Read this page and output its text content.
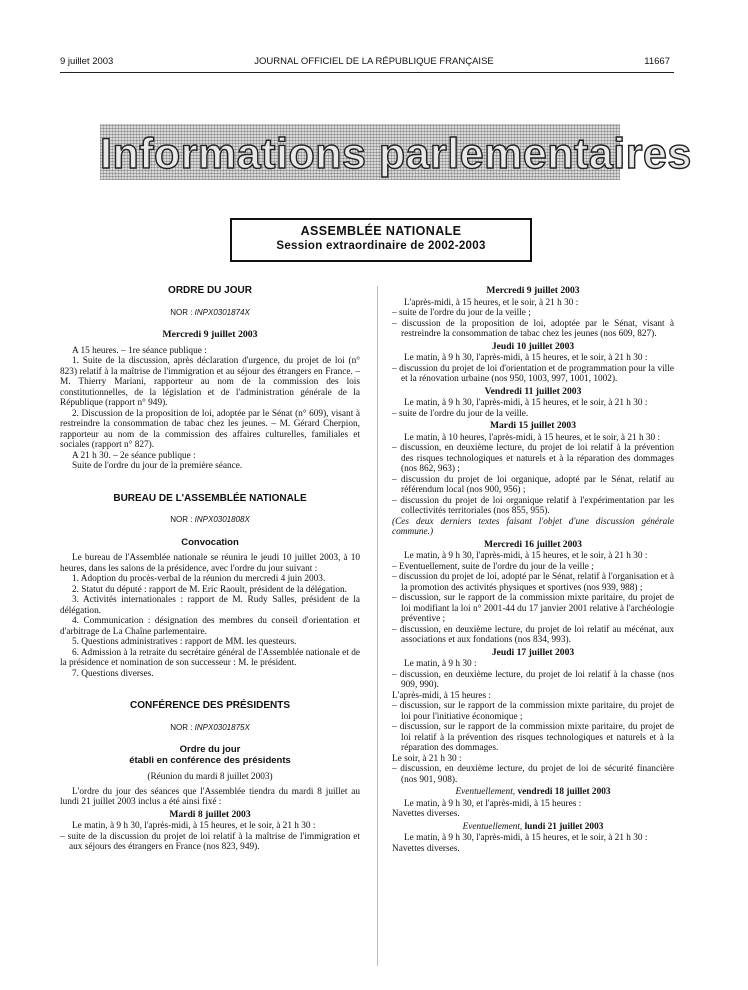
9 juillet 2003	JOURNAL OFFICIEL DE LA RÉPUBLIQUE FRANÇAISE	11667
Informations parlementaires
ASSEMBLÉE NATIONALE
Session extraordinaire de 2002-2003
ORDRE DU JOUR
NOR : INPX0301874X
Mercredi 9 juillet 2003

A 15 heures. – 1re séance publique :

1. Suite de la discussion, après déclaration d'urgence, du projet de loi (n° 823) relatif à la maîtrise de l'immigration et au séjour des étrangers en France. – M. Thierry Mariani, rapporteur au nom de la commission des lois constitutionnelles, de la législation et de l'administration générale de la République (rapport n° 949).

2. Discussion de la proposition de loi, adoptée par le Sénat (n° 609), visant à restreindre la consommation de tabac chez les jeunes. – M. Gérard Cherpion, rapporteur au nom de la commission des affaires culturelles, familiales et sociales (rapport n° 827).

A 21 h 30. – 2e séance publique :

Suite de l'ordre du jour de la première séance.

BUREAU DE L'ASSEMBLÉE NATIONALE
NOR : INPX0301808X
Convocation

Le bureau de l'Assemblée nationale se réunira le jeudi 10 juillet 2003, à 10 heures, dans les salons de la présidence, avec l'ordre du jour suivant :

1. Adoption du procès-verbal de la réunion du mercredi 4 juin 2003.

2. Statut du député : rapport de M. Eric Raoult, président de la délégation.

3. Activités internationales : rapport de M. Rudy Salles, président de la délégation.

4. Communication : désignation des membres du conseil d'orientation et d'arbitrage de La Chaîne parlementaire.

5. Questions administratives : rapport de MM. les questeurs.

6. Admission à la retraite du secrétaire général de l'Assemblée nationale et de la présidence et nomination de son successeur : M. le président.

7. Questions diverses.

CONFÉRENCE DES PRÉSIDENTS
NOR : INPX0301875X
Ordre du jour
établi en conférence des présidents
(Réunion du mardi 8 juillet 2003)

L'ordre du jour des séances que l'Assemblée tiendra du mardi 8 juillet au lundi 21 juillet 2003 inclus a été ainsi fixé :

Mardi 8 juillet 2003

Le matin, à 9 h 30, l'après-midi, à 15 heures, et le soir, à 21 h 30 :

– suite de la discussion du projet de loi relatif à la maîtrise de l'immigration et aux séjours des étrangers en France (nos 823, 949).
Mercredi 9 juillet 2003

L'après-midi, à 15 heures, et le soir, à 21 h 30 :

– suite de l'ordre du jour de la veille ;
– discussion de la proposition de loi, adoptée par le Sénat, visant à restreindre la consommation de tabac chez les jeunes (nos 609, 827).
Jeudi 10 juillet 2003

Le matin, à 9 h 30, l'après-midi, à 15 heures, et le soir, à 21 h 30 :

– discussion du projet de loi d'orientation et de programmation pour la ville et la rénovation urbaine (nos 950, 1003, 997, 1001, 1002).
Vendredi 11 juillet 2003

Le matin, à 9 h 30, l'après-midi, à 15 heures, et le soir, à 21 h 30 :

– suite de l'ordre du jour de la veille.
Mardi 15 juillet 2003

Le matin, à 10 heures, l'après-midi, à 15 heures, et le soir, à 21 h 30 :

– discussion, en deuxième lecture, du projet de loi relatif à la prévention des risques technologiques et naturels et à la réparation des dommages (nos 862, 963) ;
– discussion du projet de loi organique, adopté par le Sénat, relatif au référendum local (nos 900, 956) ;
– discussion du projet de loi organique relatif à l'expérimentation par les collectivités territoriales (nos 855, 955).

(Ces deux derniers textes faisant l'objet d'une discussion générale commune.)

Mercredi 16 juillet 2003

Le matin, à 9 h 30, l'après-midi, à 15 heures, et le soir, à 21 h 30 :

– Eventuellement, suite de l'ordre du jour de la veille ;
– discussion du projet de loi, adopté par le Sénat, relatif à l'organisation et à la promotion des activités physiques et sportives (nos 939, 988) ;
– discussion, sur le rapport de la commission mixte paritaire, du projet de loi modifiant la loi n° 2001-44 du 17 janvier 2001 relative à l'archéologie préventive ;
– discussion, en deuxième lecture, du projet de loi relatif au mécénat, aux associations et aux fondations (nos 834, 993).
Jeudi 17 juillet 2003

Le matin, à 9 h 30 :

– discussion, en deuxième lecture, du projet de loi relatif à la chasse (nos 909, 990).

L'après-midi, à 15 heures :

– discussion, sur le rapport de la commission mixte paritaire, du projet de loi pour l'initiative économique ;
– discussion, sur le rapport de la commission mixte paritaire, du projet de loi relatif à la prévention des risques technologiques et naturels et à la réparation des dommages.

Le soir, à 21 h 30 :

– discussion, en deuxième lecture, du projet de loi de sécurité financière (nos 901, 908).
Eventuellement, vendredi 18 juillet 2003

Le matin, à 9 h 30, et l'après-midi, à 15 heures :

Navettes diverses.

Eventuellement, lundi 21 juillet 2003

Le matin, à 9 h 30, l'après-midi, à 15 heures, et le soir, à 21 h 30 :

Navettes diverses.
